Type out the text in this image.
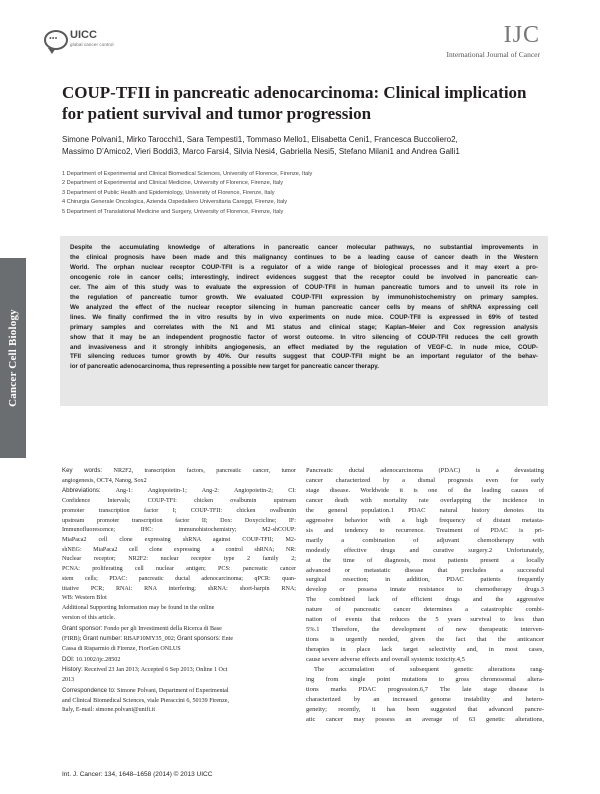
Cancer Cell Biology
••• UICC
global cancer control	IJC
International Journal of Cancer
COUP-TFII in pancreatic adenocarcinoma: Clinical implication for patient survival and tumor progression
Simone Polvani1, Mirko Tarocchi1, Sara Tempesti1, Tommaso Mello1, Elisabetta Ceni1, Francesca Buccoliero2,
Massimo D’Amico2, Vieri Boddi3, Marco Farsi4, Silvia Nesi4, Gabriella Nesi5, Stefano Milani1 and Andrea Galli1
1 Department of Experimental and Clinical Biomedical Sciences, University of Florence, Firenze, Italy
2 Department of Experimental and Clinical Medicine, University of Florence, Firenze, Italy
3 Department of Public Health and Epidemiology, University of Florence, Firenze, Italy
4 Chirurgia Generale Oncologica, Azienda Ospedaliero Universitaria Careggi, Firenze, Italy
5 Department of Translational Medicine and Surgery, University of Florence, Firenze, Italy
Despite the accumulating knowledge of alterations in pancreatic cancer molecular pathways, no substantial improvements in
the clinical prognosis have been made and this malignancy continues to be a leading cause of cancer death in the Western
World. The orphan nuclear receptor COUP-TFII is a regulator of a wide range of biological processes and it may exert a pro-
oncogenic role in cancer cells; interestingly, indirect evidences suggest that the receptor could be involved in pancreatic can-
cer. The aim of this study was to evaluate the expression of COUP-TFII in human pancreatic tumors and to unveil its role in
the regulation of pancreatic tumor growth. We evaluated COUP-TFII expression by immunohistochemistry on primary samples.
We analyzed the effect of the nuclear receptor silencing in human pancreatic cancer cells by means of shRNA expressing cell
lines. We finally confirmed the in vitro results by in vivo experiments on nude mice. COUP-TFII is expressed in 69% of tested
primary samples and correlates with the N1 and M1 status and clinical stage; Kaplan–Meier and Cox regression analysis
show that it may be an independent prognostic factor of worst outcome. In vitro silencing of COUP-TFII reduces the cell growth
and invasiveness and it strongly inhibits angiogenesis, an effect mediated by the regulation of VEGF-C. In nude mice, COUP-
TFII silencing reduces tumor growth by 40%. Our results suggest that COUP-TFII might be an important regulator of the behav-
ior of pancreatic adenocarcinoma, thus representing a possible new target for pancreatic cancer therapy.
Key words: NR2F2, transcription factors, pancreatic cancer, tumor
angiogenesis, OCT4, Nanog, Sox2
Abbreviations: Ang-1: Angiopoietin-1; Ang-2: Angiopoietin-2; CI:
Confidence Intervals; COUP-TFI: chicken ovalbumin upstream
promoter transcription factor I; COUP-TFII: chicken ovalbumin
upstream promoter transcription factor II; Dox: Doxycicline; IF:
Immunofluorescence; IHC: immunohistochemistry; M2-shCOUP:
MiaPaca2 cell clone expressing shRNA against COUP-TFII; M2-
shNEG: MiaPaca2 cell clone expressing a control shRNA; NR:
Nuclear receptor; NR2F2: nuclear receptor type 2 family 2;
PCNA: proliferating cell nuclear antigen; PCS: pancreatic cancer
stem cells; PDAC: pancreatic ductal adenocarcinoma; qPCR: quan-
titative PCR; RNAi: RNA interfering; shRNA: short-harpin RNA;
WB: Western Blot
Additional Supporting Information may be found in the online
version of this article.
Grant sponsor: Fondo per gli Investimenti della Ricerca di Base
(FIRB); Grant number: RBAP10MY35_002; Grant sponsors: Ente
Cassa di Risparmio di Firenze, FiorGen ONLUS
DOI: 10.1002/ijc.28502
History: Received 23 Jan 2013; Accepted 6 Sep 2013; Online 1 Oct
2013
Correspondence to: Simone Polvani, Department of Experimental
and Clinical Biomedical Sciences, viale Pieraccini 6, 50139 Firenze,
Italy, E-mail: simone.polvani@unifi.it
Pancreatic ductal adenocarcinoma (PDAC) is a devastating
cancer characterized by a dismal prognosis even for early
stage disease. Worldwide it is one of the leading causes of
cancer death with mortality rate overlapping the incidence in
the general population.1 PDAC natural history denotes its
aggressive behavior with a high frequency of distant metasta-
sis and tendency to recurrence. Treatment of PDAC is pri-
marily a combination of adjuvant chemotherapy with
modestly effective drugs and curative surgery.2 Unfortunately,
at the time of diagnosis, most patients present a locally
advanced or metastatic disease that precludes a successful
surgical resection; in addition, PDAC patients frequently
develop or possess innate resistance to chemotherapy drugs.3
The combined lack of efficient drugs and the aggressive
nature of pancreatic cancer determines a catastrophic combi-
nation of events that reduces the 5 years survival to less than
5%.1 Therefore, the development of new therapeutic interven-
tions is urgently needed, given the fact that the anticancer
therapies in place lack target selectivity and, in most cases,
cause severe adverse effects and overall systemic toxicity.4,5
The accumulation of subsequent genetic alterations rang-
ing from single point mutations to gross chromosomal altera-
tions marks PDAC progression.6,7 The late stage disease is
characterized by an increased genome instability and hetero-
geneity; recently, it has been suggested that advanced pancre-
atic cancer may possess an average of 63 genetic alterations,
Int. J. Cancer: 134, 1648–1658 (2014) © 2013 UICC
